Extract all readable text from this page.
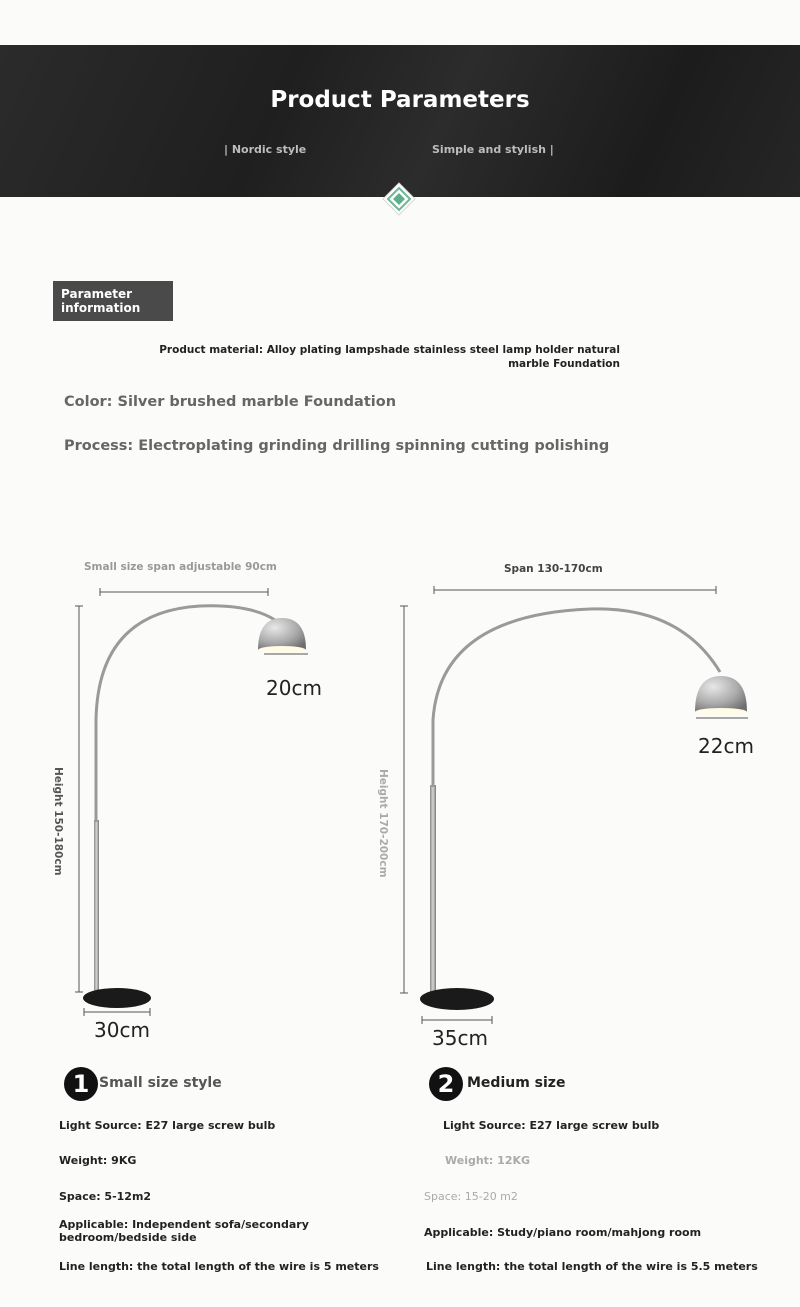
Product Parameters
| Nordic style	Simple and stylish |
Parameter information
Product material: Alloy plating lampshade stainless steel lamp holder natural marble Foundation
Color: Silver brushed marble Foundation
Process: Electroplating grinding drilling spinning cutting polishing
Small size span adjustable 90cm
Height 150-180cm
20cm
30cm
Span 130-170cm
Height 170-200cm
22cm
35cm
1 Small size style
Light Source: E27 large screw bulb
Weight: 9KG
Space: 5-12m2
Applicable: Independent sofa/secondary bedroom/bedside side
Line length: the total length of the wire is 5 meters
2 Medium size
Light Source: E27 large screw bulb
Weight: 12KG
Space: 15-20 m2
Applicable: Study/piano room/mahjong room
Line length: the total length of the wire is 5.5 meters
